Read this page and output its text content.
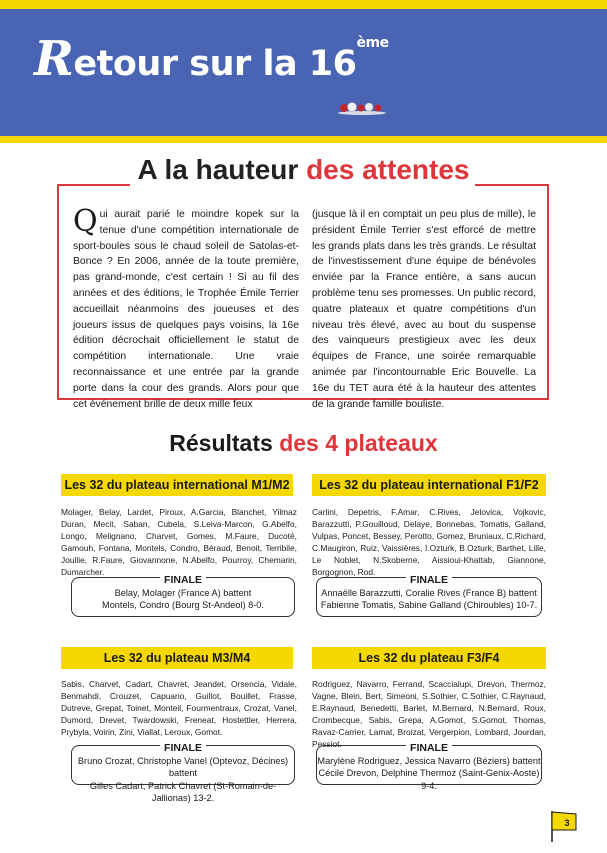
Retour sur la 16ème
A la hauteur des attentes
Qui aurait parié le moindre kopek sur la tenue d'une compétition internationale de sport-boules sous le chaud soleil de Satolas-et-Bonce ? En 2006, année de la toute première, pas grand-monde, c'est certain ! Si au fil des années et des éditions, le Trophée Émile Terrier accueillait néanmoins des joueuses et des joueurs issus de quelques pays voisins, la 16e édition décrochait officiellement le statut de compétition internationale. Une vraie reconnaissance et une entrée par la grande porte dans la cour des grands. Alors pour que cet événement brille de deux mille feux
(jusque là il en comptait un peu plus de mille), le président Émile Terrier s'est efforcé de mettre les grands plats dans les très grands. Le résultat de l'investissement d'une équipe de bénévoles enviée par la France entière, a sans aucun problème tenu ses promesses. Un public record, quatre plateaux et quatre compétitions d'un niveau très élevé, avec au bout du suspense des vainqueurs prestigieux avec les deux équipes de France, une soirée remarquable animée par l'incontournable Eric Bouvelle. La 16e du TET aura été à la hauteur des attentes de la grande famille bouliste.
Résultats des 4 plateaux
Les 32 du plateau international M1/M2
Molager, Belay, Lardet, Piroux, A.Garcia, Blanchet, Yilmaz Duran, Mecit, Saban, Cubela, S.Leiva-Marcon, G.Abelfo, Longo, Melignano, Charvet, Gomes, M.Faure, Ducoté, Gamouh, Fontana, Montels, Condro, Béraud, Benoit, Terribile, Joullie, R.Faure, Giovannone, N.Abelfo, Pourroy, Chemarin, Dumarcher.
FINALE
Belay, Molager (France A) battent
Montels, Condro (Bourg St-Andeol) 8-0.
Les 32 du plateau international F1/F2
Carlini, Depetris, F.Amar, C.Rives, Jelovica, Vojkovic, Barazzutti, P.Gouilloud, Delaye, Bonnebas, Tomatis, Galland, Vulpas, Poncet, Bessey, Perotto, Gomez, Bruniaux, C.Richard, C.Maugiron, Ruiz, Vaissières, I.Ozturk, B.Ozturk, Barthet, Lille, Le Noblet, N.Skoberne, Aissioui-Khattab, Giannone, Borgognon, Rod.
FINALE
Annaëlle Barazzutti, Coralie Rives (France B) battent
Fabienne Tomatis, Sabine Galland (Chiroubles) 10-7.
Les 32 du plateau M3/M4
Sabis, Charvet, Cadart, Chavret, Jeandet, Orsencia, Vidale, Benmahdi, Crouzet, Capuano, Guillot, Bouillet, Frasse, Dutreve, Grepat, Toinet, Monteil, Fourmentraux, Crozat, Vanel, Dumord, Drevet, Twardowski, Freneat, Hostettler, Herrera, Prybyla, Voirin, Zini, Viallat, Leroux, Gomot.
FINALE
Bruno Crozat, Christophe Vanel (Optevoz, Décines) battent
Gilles Cadart, Patrick Chavret (St-Romain-de-Jallionas) 13-2.
Les 32 du plateau F3/F4
Rodriguez, Navarro, Ferrand, Scaccialupi, Drevon, Thermoz, Vagne, Blein, Bert, Simeoni, S.Sothier, C.Sothier, C.Raynaud, E.Raynaud, Benedetti, Barlet, M.Bernard, N.Bernard, Roux, Crombecque, Sabis, Grepa, A.Gomot, S.Gomot, Thomas, Ravaz-Carrier, Lamat, Broizat, Vergerpion, Lombard, Jourdan, Pessiot.	FINALE
Marylène Rodriguez, Jessica Navarro (Béziers) battent
Cécile Drevon, Delphine Thermoz (Saint-Genix-Aoste) 9-4.
3
